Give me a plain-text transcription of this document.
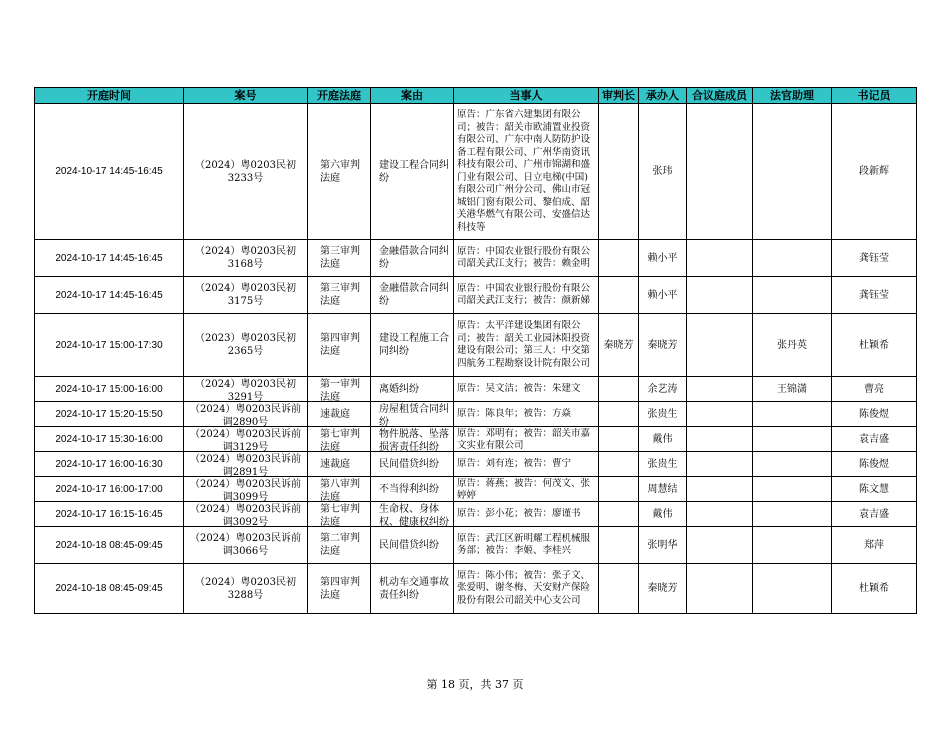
开庭时间	案号	开庭法庭	案由	当事人	审判长	承办人	合议庭成员	法官助理	书记员

2024-10-17 14:45-16:45	（2024）粤0203民初3233号	第六审判法庭	建设工程合同纠纷	原告：广东省六建集团有限公司；被告：韶关市欧浦置业投资有限公司、广东中南人防防护设备工程有限公司、广州华南资讯科技有限公司、广州市锦湖和盛门业有限公司、日立电梯(中国)有限公司广州分公司、佛山市冠城铝门窗有限公司、黎伯成、韶关港华燃气有限公司、安盛信达科技等		张玮			段新辉

2024-10-17 14:45-16:45	（2024）粤0203民初3168号	第三审判法庭	金融借款合同纠纷	原告：中国农业银行股份有限公司韶关武江支行；被告：赖金明		赖小平			龚钰莹

2024-10-17 14:45-16:45	（2024）粤0203民初3175号	第三审判法庭	金融借款合同纠纷	原告：中国农业银行股份有限公司韶关武江支行；被告：颜新娣		赖小平			龚钰莹

2024-10-17 15:00-17:30	（2023）粤0203民初2365号	第四审判法庭	建设工程施工合同纠纷	原告：太平洋建设集团有限公司；被告：韶关工业园沐阳投资建设有限公司；第三人：中交第四航务工程勘察设计院有限公司	秦晓芳	秦晓芳		张丹英	杜颖希

2024-10-17 15:00-16:00	（2024）粤0203民初3291号	第一审判法庭	离婚纠纷	原告：吴文洁；被告：朱建文		余艺涛		王锦潇	曹亮

2024-10-17 15:20-15:50	（2024）粤0203民诉前调2890号	速裁庭	房屋租赁合同纠纷	原告：陈良年；被告：方焱		张贵生			陈俊煜

2024-10-17 15:30-16:00	（2024）粤0203民诉前调3129号	第七审判法庭	物件脱落、坠落损害责任纠纷	原告：邓明有；被告：韶关市嘉文实业有限公司		戴伟			袁吉盛

2024-10-17 16:00-16:30	（2024）粤0203民诉前调2891号	速裁庭	民间借贷纠纷	原告：刘有连；被告：曹宁		张贵生			陈俊煜

2024-10-17 16:00-17:00	（2024）粤0203民诉前调3099号	第八审判法庭	不当得利纠纷	原告：蒋燕；被告：何茂文、张婷婷		周慧结			陈文慧

2024-10-17 16:15-16:45	（2024）粤0203民诉前调3092号	第七审判法庭	生命权、身体权、健康权纠纷	原告：彭小花；被告：廖谨书		戴伟			袁吉盛

2024-10-18 08:45-09:45	（2024）粤0203民诉前调3066号	第二审判法庭	民间借贷纠纷	原告：武江区新明耀工程机械服务部；被告：李姬、李桂兴		张明华			郑萍

2024-10-18 08:45-09:45	（2024）粤0203民初3288号	第四审判法庭	机动车交通事故责任纠纷	原告：陈小伟；被告：张子文、张爱明、谢冬梅、天安财产保险股份有限公司韶关中心支公司		秦晓芳			杜颖希
第 18 页，共 37 页
